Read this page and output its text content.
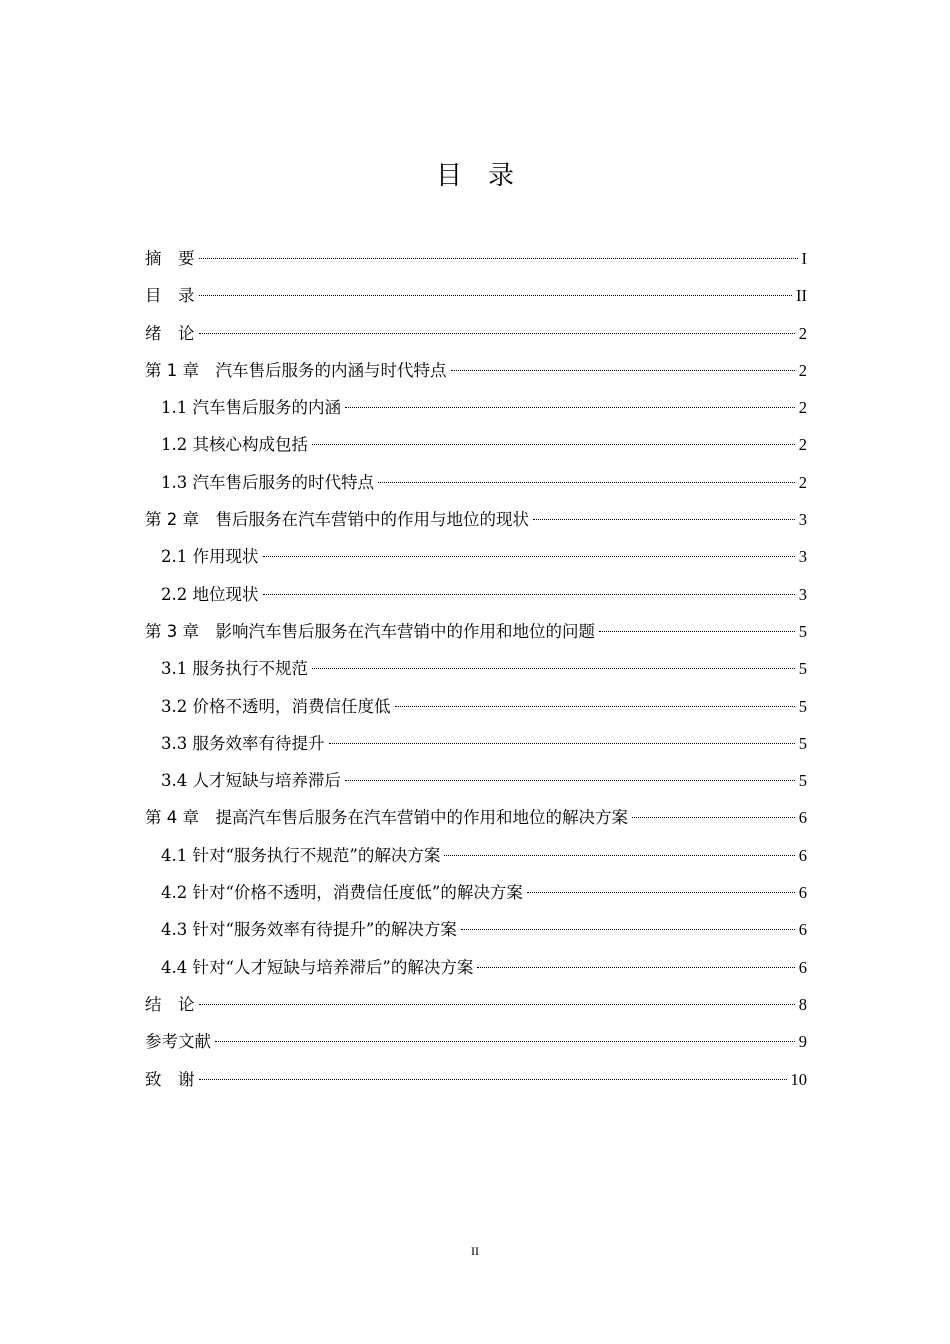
目　录
摘　要	I
目　录	II
绪　论	2
第 1 章　汽车售后服务的内涵与时代特点	2
1.1 汽车售后服务的内涵	2
1.2 其核心构成包括	2
1.3 汽车售后服务的时代特点	2
第 2 章　售后服务在汽车营销中的作用与地位的现状	3
2.1 作用现状	3
2.2 地位现状	3
第 3 章　影响汽车售后服务在汽车营销中的作用和地位的问题	5
3.1 服务执行不规范	5
3.2 价格不透明，消费信任度低	5
3.3 服务效率有待提升	5
3.4 人才短缺与培养滞后	5
第 4 章　提高汽车售后服务在汽车营销中的作用和地位的解决方案	6
4.1 针对“服务执行不规范”的解决方案	6
4.2 针对“价格不透明，消费信任度低”的解决方案	6
4.3 针对“服务效率有待提升”的解决方案	6
4.4 针对“人才短缺与培养滞后”的解决方案	6
结　论	8
参考文献	9
致　谢	10
II
